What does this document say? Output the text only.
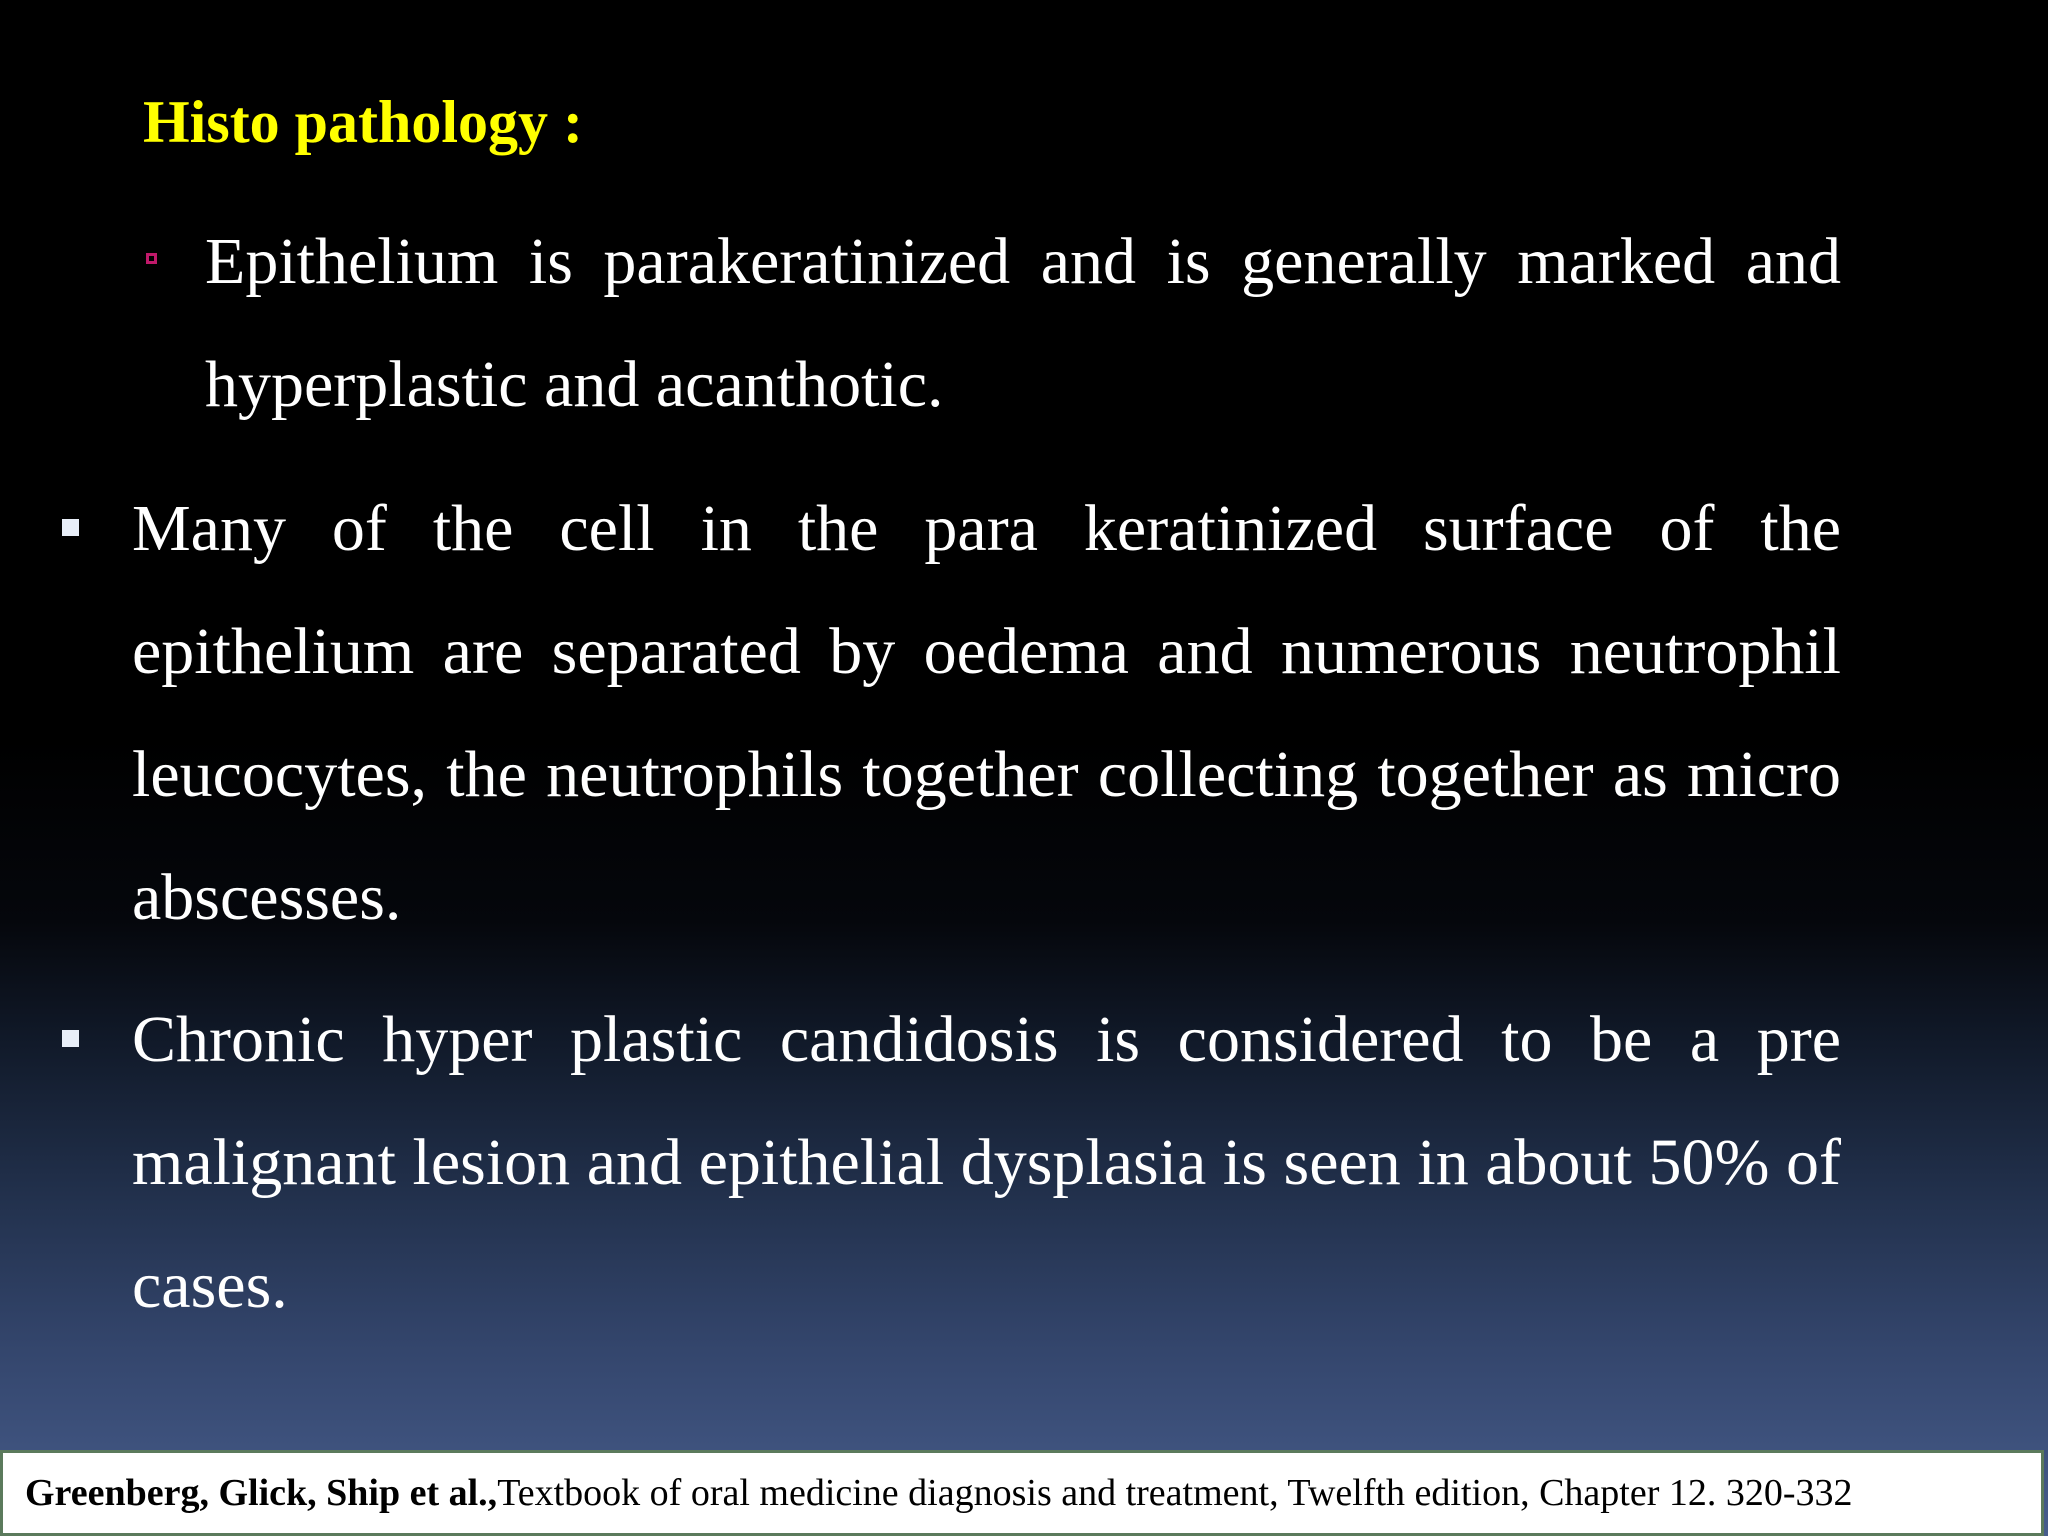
Histo pathology :
Epithelium is parakeratinized and is generally marked and hyperplastic and acanthotic.
Many of the cell in the para keratinized surface of the epithelium are separated by oedema and numerous neutrophil leucocytes, the neutrophils together collecting together as micro abscesses.
Chronic hyper plastic candidosis is considered to be a pre malignant lesion and epithelial dysplasia is seen in about 50% of cases.
Greenberg, Glick, Ship et al., Textbook of oral medicine diagnosis and treatment, Twelfth edition, Chapter 12. 320-332
